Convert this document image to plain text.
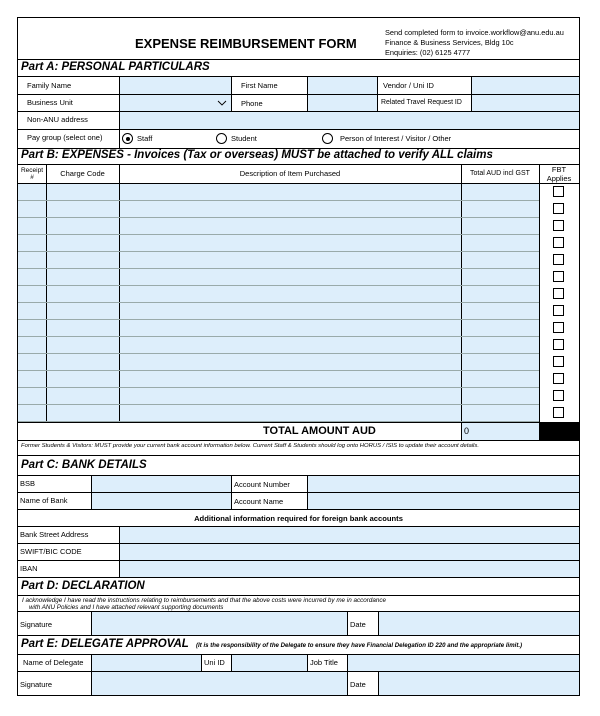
EXPENSE REIMBURSEMENT FORM
Send completed form to invoice.workflow@anu.edu.au
Finance & Business Services, Bldg 10c
Enquiries: (02) 6125 4777
Part A: PERSONAL PARTICULARS
Family Name	First Name	Vendor / Uni ID
Business Unit	Phone	Related Travel Request ID
Non-ANU address
Pay group (select one)	Staff	Student	Person of Interest / Visitor / Other
Part B: EXPENSES - Invoices (Tax or overseas) MUST be attached to verify ALL claims
Receipt
#	Charge Code	Description of Item Purchased	Total AUD incl GST	FBT
Applies
TOTAL AMOUNT AUD	0
Former Students & Visitors: MUST provide your current bank account information below. Current Staff & Students should log onto HORUS / ISIS to update their account details.
Part C: BANK DETAILS
BSB	Account Number
Name of Bank	Account Name
Additional information required for foreign bank accounts
Bank Street Address
SWIFT/BIC CODE
IBAN
Part D: DECLARATION
I acknowledge I have read the instructions relating to reimbursements and that the above costs were incurred by me in accordance
with ANU Policies and I have attached relevant supporting documents
Signature	Date
Part E: DELEGATE APPROVAL (It is the responsibility of the Delegate to ensure they have Financial Delegation ID 220 and the appropriate limit.)
Name of Delegate	Uni ID	Job Title
Signature	Date
